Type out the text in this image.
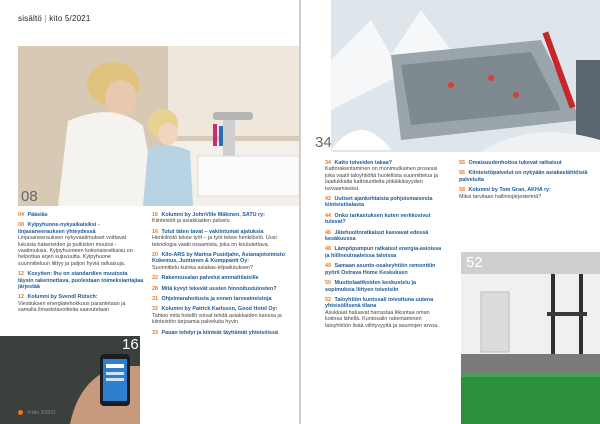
sisältö | kito 5/2021
08
04 Pääsiäs
08 Kylpyhuone-nykyaikaisiksi -linjasaneerauksen yhteydessä
Linjasaneerauksen nykyvaatimukset voittavat lukuisia hakeneiden ja putkiston muutos -vaatimuksia. Kylpyhuoneen kokonaisratkaisu on helpottaa arjen sujuvuutta. Kylpyhuone suunnitteluun liittyy ja paljon hyviä ratkaisuja.
12 Kosyiten: Ihu on standardien muutosta täysin rakennettava, puolestaan toimeksiantajiaa järjestää
12 Kolumni by Svendl Rütsch:
Viestiuksen energiatehokkuus parantetaan ja samalla ilmastotavoitteita saavutetaan
16 Kolumni by JohnVille Mäkinen, SATU ry:
Kiinteistöt ja asiakkaiden palvelu
16 Tutut täten tavat – vakiintumat ajatuksia
Henkilöstö tekee työt – ja työt tekee henkilöstö. Uusi teknologia vaatii osaamista, joka on koulutettava.
20 Kilo-ARS by Marina Pusidjahn, Asianajotoimisto Kokemus, Juntunen & Kumppanit Oy:
Suunnittelu kuinka asiakas-kilpailutuksen?
22 Rakennusalan palvelut ammattilaisille
28 Mitä kyvyt tekevät uusien hinnoitustulosten?
31 Ohjelmarahoitusta ja ennen tarveaineistoja
32 Kolumni by Patrick Karlsson, Good Hotel Oy:
Tahtoo mitä hotellit voivat tehdä asiakkaiden kanssa ja kiinteistön tarjoamia palveluita hyvin
33 Pauan tehdyt ja kiinteät täyttämät yhteisöissä
16
4 kito 5/2021
34
34 Katto toiveiden takaa?
Kattorakentaminen on monimutkainen prosessi joka vaatii taloyhtiöltä huolellista suunnittelua ja laadukkaita kattotuotteita pitkäikäisyyden turvaamiseksi.
42 Uutiset ajankohtaista pohjoismaisesta kiinteistöalasta
44 Onko tarkastuksen kuten verkkosivut tulevat?
46 Jätehuoltoratkaisut kasvavat edessä kesäkuussa
48 Lämpöpumpun ratkaisut energia-asioissa ja hiilineutraaleissa taloissa
49 Samaan asunto-osakeyhtiön remonttiin pyörii Ostrava Home Keskuksen
50 Muuttolaatikoiden keskustelu ja sopimuksia liittyen toiveisiin
52 Taloyhtiön kuntosali toivottuna uutena yhteisöllisenä tilana
Asukkaat haluavat harrastaa liikuntaa oman kotinsa lähellä. Kuntosalin rakentaminen taloyhtiöön lisää viihtyvyyttä ja asuntojen arvoa.
55 Omaisuudenhoitoa tukevat ratkaisut
56 Kiinteistöpalvelut on nykyään asiakaslähtöisiä palveluita
58 Kolumni by Tom Gran, AKHA ry:
Miksi tarvitaan hallintojärjestelmä?
52
